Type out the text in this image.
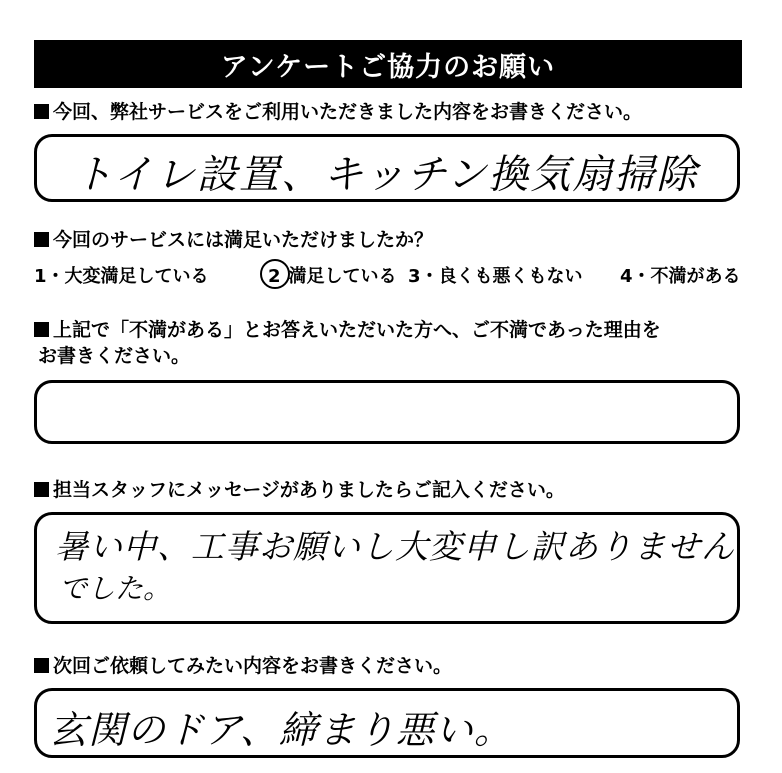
アンケートご協力のお願い
今回、弊社サービスをご利用いただきました内容をお書きください。
トイレ設置、キッチン換気扇掃除
今回のサービスには満足いただけましたか？
1・大変満足している	2 満足している 3・良くも悪くもない 4・不満がある
上記で「不満がある」とお答えいただいた方へ、ご不満であった理由を
お書きください。
担当スタッフにメッセージがありましたらご記入ください。
暑い中、工事お願いし大変申し訳ありません
でした。
次回ご依頼してみたい内容をお書きください。
玄関のドア、締まり悪い。
